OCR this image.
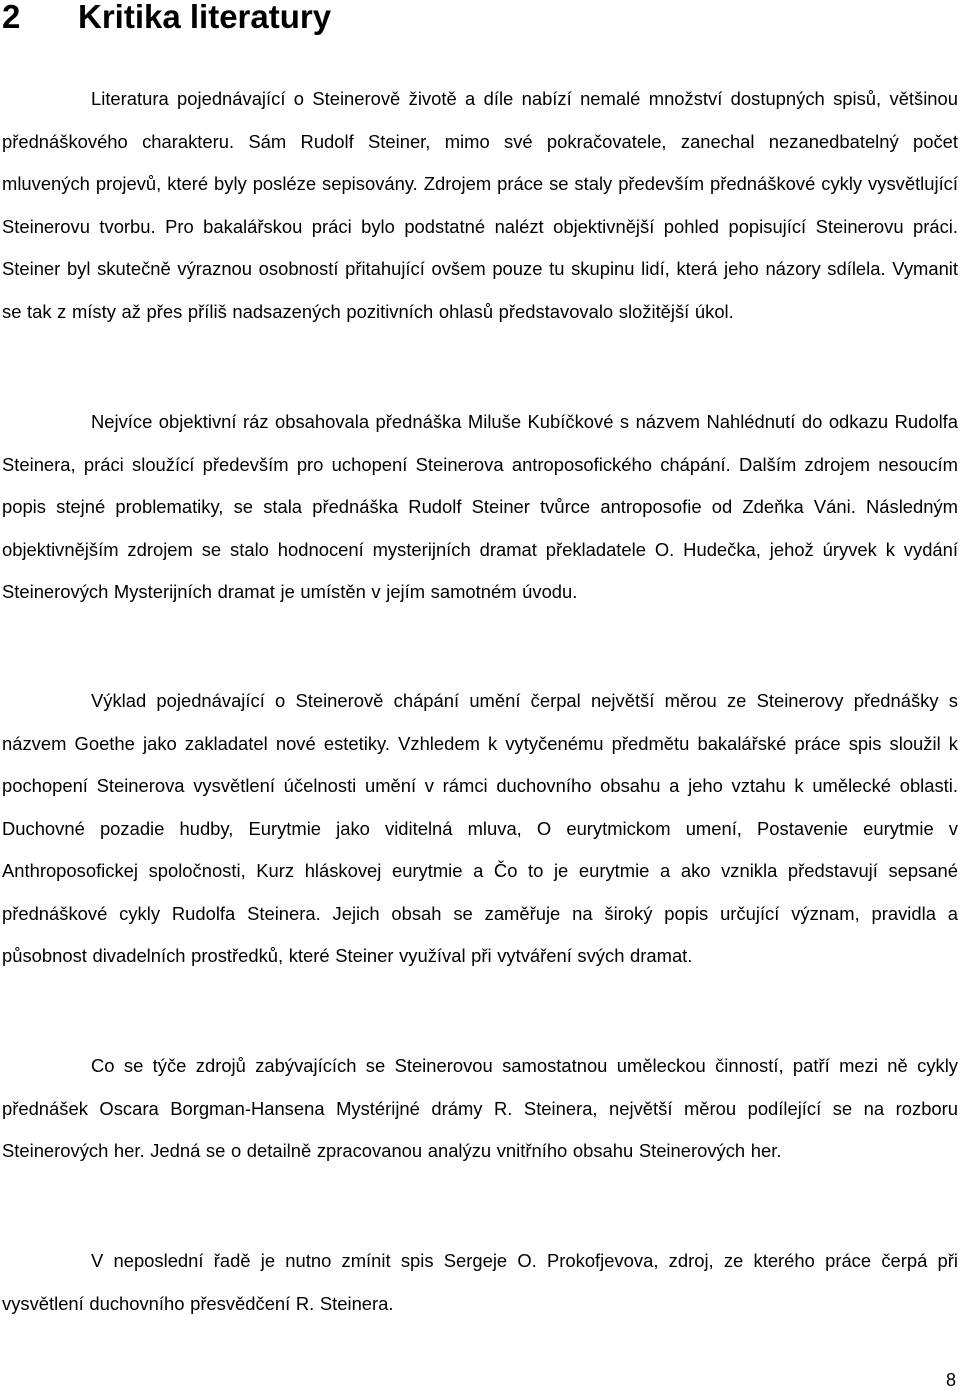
2 Kritika literatury

Literatura pojednávající o Steinerově životě a díle nabízí nemalé množství dostupných spisů, většinou přednáškového charakteru. Sám Rudolf Steiner, mimo své pokračovatele, zanechal nezanedbatelný počet mluvených projevů, které byly posléze sepisovány. Zdrojem práce se staly především přednáškové cykly vysvětlující Steinerovu tvorbu. Pro bakalářskou práci bylo podstatné nalézt objektivnější pohled popisující Steinerovu práci. Steiner byl skutečně výraznou osobností přitahující ovšem pouze tu skupinu lidí, která jeho názory sdílela. Vymanit se tak z místy až přes příliš nadsazených pozitivních ohlasů představovalo složitější úkol.

Nejvíce objektivní ráz obsahovala přednáška Miluše Kubíčkové s názvem Nahlédnutí do odkazu Rudolfa Steinera, práci sloužící především pro uchopení Steinerova antroposofického chápání. Dalším zdrojem nesoucím popis stejné problematiky, se stala přednáška Rudolf Steiner tvůrce antroposofie od Zdeňka Váni. Následným objektivnějším zdrojem se stalo hodnocení mysterijních dramat překladatele O. Hudečka, jehož úryvek k vydání Steinerových Mysterijních dramat je umístěn v jejím samotném úvodu.

Výklad pojednávající o Steinerově chápání umění čerpal největší měrou ze Steinerovy přednášky s názvem Goethe jako zakladatel nové estetiky. Vzhledem k vytyčenému předmětu bakalářské práce spis sloužil k pochopení Steinerova vysvětlení účelnosti umění v rámci duchovního obsahu a jeho vztahu k umělecké oblasti. Duchovné pozadie hudby, Eurytmie jako viditelná mluva, O eurytmickom umení, Postavenie eurytmie v Anthroposofickej spoločnosti, Kurz hláskovej eurytmie a Čo to je eurytmie a ako vznikla představují sepsané přednáškové cykly Rudolfa Steinera. Jejich obsah se zaměřuje na široký popis určující význam, pravidla a působnost divadelních prostředků, které Steiner využíval při vytváření svých dramat.

Co se týče zdrojů zabývajících se Steinerovou samostatnou uměleckou činností, patří mezi ně cykly přednášek Oscara Borgman-Hansena Mystérijné drámy R. Steinera, největší měrou podílející se na rozboru Steinerových her. Jedná se o detailně zpracovanou analýzu vnitřního obsahu Steinerových her.

V neposlední řadě je nutno zmínit spis Sergeje O. Prokofjevova, zdroj, ze kterého práce čerpá při vysvětlení duchovního přesvědčení R. Steinera.

8
